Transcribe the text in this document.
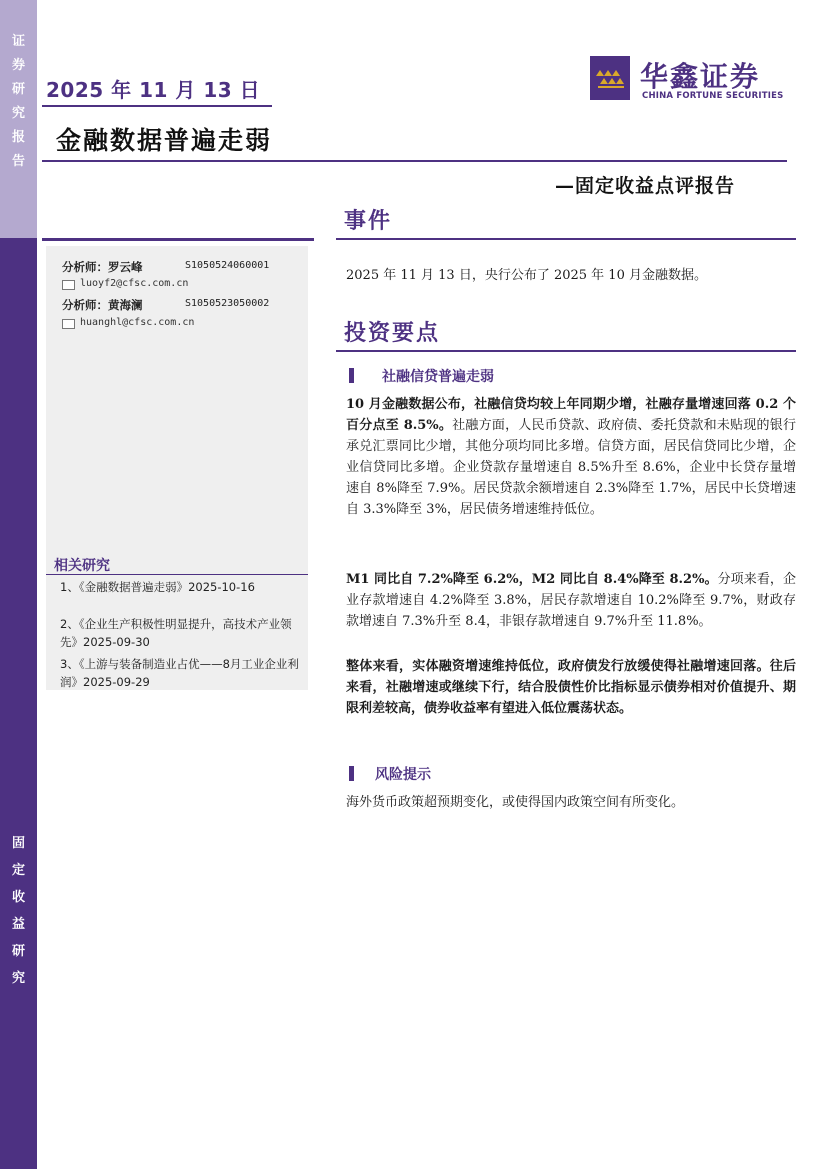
证
券
研
究
报
告
固
定
收
益
研
究
2025 年 11 月 13 日	华鑫证券
CHINA FORTUNE SECURITIES
金融数据普遍走弱
—固定收益点评报告
分析师：罗云峰	S1050524060001
luoyf2@cfsc.com.cn
分析师：黄海澜	S1050523050002
huanghl@cfsc.com.cn
相关研究
1、《金融数据普遍走弱》2025-10-16
2、《企业生产积极性明显提升，高技术产业领先》2025-09-30
3、《上游与装备制造业占优——8月工业企业利润》2025-09-29
事件
2025 年 11 月 13 日，央行公布了 2025 年 10 月金融数据。
投资要点
社融信贷普遍走弱
10 月金融数据公布，社融信贷均较上年同期少增，社融存量增速回落 0.2 个百分点至 8.5%。社融方面，人民币贷款、政府债、委托贷款和未贴现的银行承兑汇票同比少增，其他分项均同比多增。信贷方面，居民信贷同比少增，企业信贷同比多增。企业贷款存量增速自 8.5%升至 8.6%，企业中长贷存量增速自 8%降至 7.9%。居民贷款余额增速自 2.3%降至 1.7%，居民中长贷增速自 3.3%降至 3%，居民债务增速维持低位。
M1 同比自 7.2%降至 6.2%，M2 同比自 8.4%降至 8.2%。分项来看，企业存款增速自 4.2%降至 3.8%，居民存款增速自 10.2%降至 9.7%，财政存款增速自 7.3%升至 8.4，非银存款增速自 9.7%升至 11.8%。
整体来看，实体融资增速维持低位，政府债发行放缓使得社融增速回落。往后来看，社融增速或继续下行，结合股债性价比指标显示债券相对价值提升、期限利差较高，债券收益率有望进入低位震荡状态。
风险提示
海外货币政策超预期变化，或使得国内政策空间有所变化。
